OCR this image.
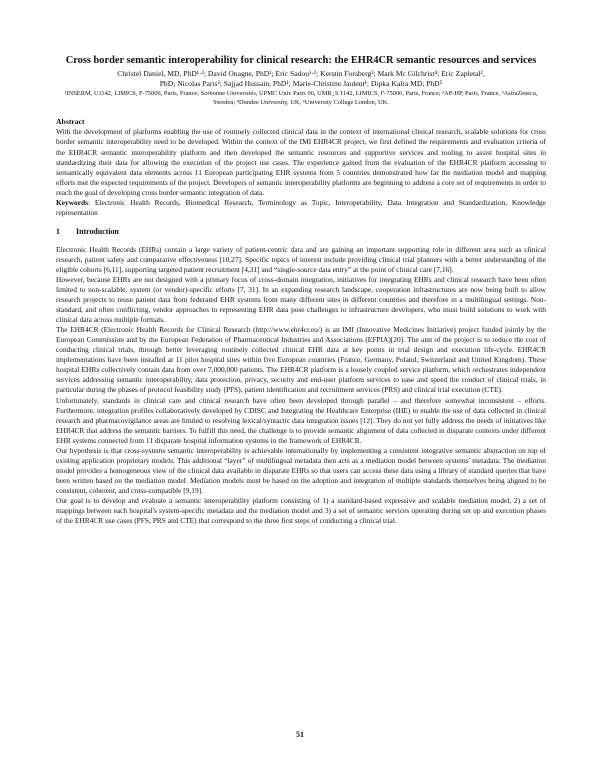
Cross border semantic interoperability for clinical research: the EHR4CR semantic resources and services
Christel Daniel, MD, PhD¹·²; David Ouagne, PhD¹; Eric Sadou¹·²; Kerstin Forsberg³; Mark Mc Gilchrist⁴; Eric Zapletal²,
PhD; Nicolas Paris²; Sajjad Hussain, PhD¹; Marie-Christine Jaulent¹; Dipka Kalra MD, PhD⁵
¹INSERM, U1142, LIMICS, F-75006, Paris, France; Sorbonne Universités, UPMC Univ Paris 06, UMR_S 1142, LIMICS, F-75006, Paris, France; ²AP-HP, Paris, France, ³AstraZeneca, Sweden; ⁴Dundee University, UK, ⁵University College London, UK.
Abstract
With the development of platforms enabling the use of routinely collected clinical data in the context of international clinical research, scalable solutions for cross border semantic interoperability need to be developed. Within the context of the IMI EHR4CR project, we first defined the requirements and evaluation criteria of the EHR4CR semantic interoperability platform and then developed the semantic resources and supportive services and tooling to assist hospital sites in standardizing their data for allowing the execution of the project use cases. The experience gained from the evaluation of the EHR4CR platform accessing to semantically equivalent data elements across 11 European participating EHR systems from 5 countries demonstrated how far the mediation model and mapping efforts met the expected requirements of the project. Developers of semantic interoperability platforms are beginning to address a core set of requirements in order to reach the goal of developing cross border semantic integration of data.
Keywords: Electronic Health Records, Biomedical Research, Terminology as Topic, Interoperability, Data Integration and Standardization, Knowledge representation
1 Introduction
Electronic Health Records (EHRs) contain a large variety of patient-centric data and are gaining an important supporting role in different area such as clinical research, patient safety and comparative effectiveness [10,27]. Specific topics of interest include providing clinical trial planners with a better understanding of the eligible cohorts [6,11], supporting targeted patient recruitment [4,31] and “single-source data entry” at the point of clinical care [7,16].
However, because EHRs are not designed with a primary focus of cross-domain integration, initiatives for integrating EHRs and clinical research have been often limited to non-scalable, system (or vendor)-specific efforts [7, 31]. In an expanding research landscape, cooperation infrastructures are now being built to allow research projects to reuse patient data from federated EHR systems from many different sites in different countries and therefore in a multilingual settings. Non-standard, and often conflicting, vendor approaches to representing EHR data pose challenges to infrastructure developers, who must build solutions to work with clinical data across multiple formats.
The EHR4CR (Electronic Health Records for Clinical Research (http://www.ehr4cr.eu/) is an IMI (Innovative Medicines Initiative) project funded jointly by the European Commission and by the European Federation of Pharmaceutical Industries and Associations (EFPIA)[20]. The aim of the project is to reduce the cost of conducting clinical trials, through better leveraging routinely collected clinical EHR data at key points in trial design and execution life-cycle. EHR4CR implementations have been installed at 11 pilot hospital sites within five European countries (France, Germany, Poland, Switzerland and United Kingdom). These hospital EHRs collectively contain data from over 7,000,000 patients. The EHR4CR platform is a loosely coupled service platform, which orchestrates independent services addressing semantic interoperability, data protection, privacy, security and end-user platform services to ease and speed the conduct of clinical trials, in particular during the phases of protocol feasibility study (PFS), patient identification and recruitment services (PRS) and clinical trial execution (CTE).
Unfortunately, standards in clinical care and clinical research have often been developed through parallel – and therefore somewhat inconsistent – efforts. Furthermore, integration profiles collaboratively developed by CDISC and Integrating the Healthcare Enterprise (IHE) to enable the use of data collected in clinical research and pharmacovigilance areas are limited to resolving lexical/syntactic data integration issues [12]. They do not yet fully address the needs of initiatives like EHR4CR that address the semantic barriers. To fulfill this need, the challenge is to provide semantic alignment of data collected in disparate contexts under different EHR systems connected from 11 disparate hospital information systems in the framework of EHR4CR.
Our hypothesis is that cross-systems semantic interoperability is achievable internationally by implementing a consistent integrative semantic abstraction on top of existing application proprietary models. This additional “layer” of multilingual metadata then acts as a mediation model between systems' metadata. The mediation model provides a homogeneous view of the clinical data available in disparate EHRs so that users can access these data using a library of standard queries that have been written based on the mediation model. Mediation models must be based on the adoption and integration of multiple standards themselves being aligned to be consistent, coherent, and cross-compatible [9,19].
Our goal is to develop and evaluate a semantic interoperability platform consisting of 1) a standard-based expressive and scalable mediation model, 2) a set of mappings between each hospital's system-specific metadata and the mediation model and 3) a set of semantic services operating during set up and execution phases of the EHR4CR use cases (PFS, PRS and CTE) that correspond to the three first steps of conducting a clinical trial.
51
